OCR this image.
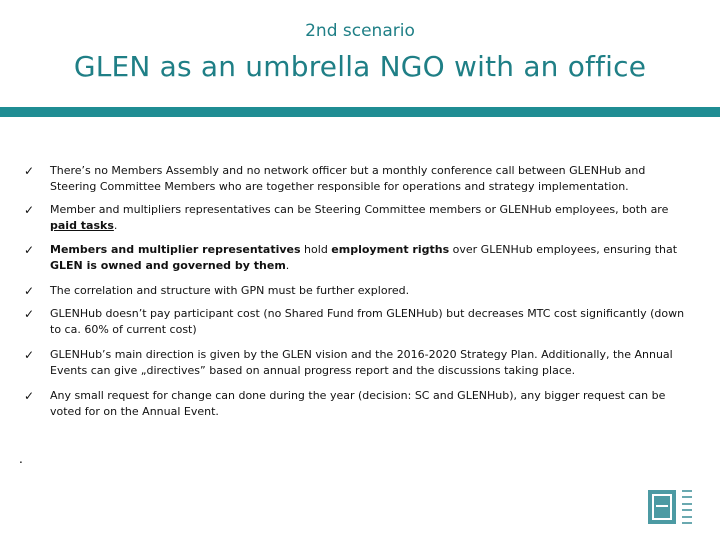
2nd scenario
GLEN as an umbrella NGO with an office
✓	There’s no Members Assembly and no network officer but a monthly conference call between GLENHub and Steering Committee Members who are together responsible for operations and strategy implementation.
✓	Member and multipliers representatives can be Steering Committee members or GLENHub employees, both are paid tasks.
✓	Members and multiplier representatives hold employment rigths over GLENHub employees, ensuring that GLEN is owned and governed by them.
✓	The correlation and structure with GPN must be further explored.
✓	GLENHub doesn’t pay participant cost (no Shared Fund from GLENHub) but decreases MTC cost significantly (down to ca. 60% of current cost)
✓	GLENHub’s main direction is given by the GLEN vision and the 2016-2020 Strategy Plan. Additionally, the Annual Events can give „directives” based on annual progress report and the discussions taking place.
✓	Any small request for change can done during the year (decision: SC and GLENHub), any bigger request can be voted for on the Annual Event.
.
